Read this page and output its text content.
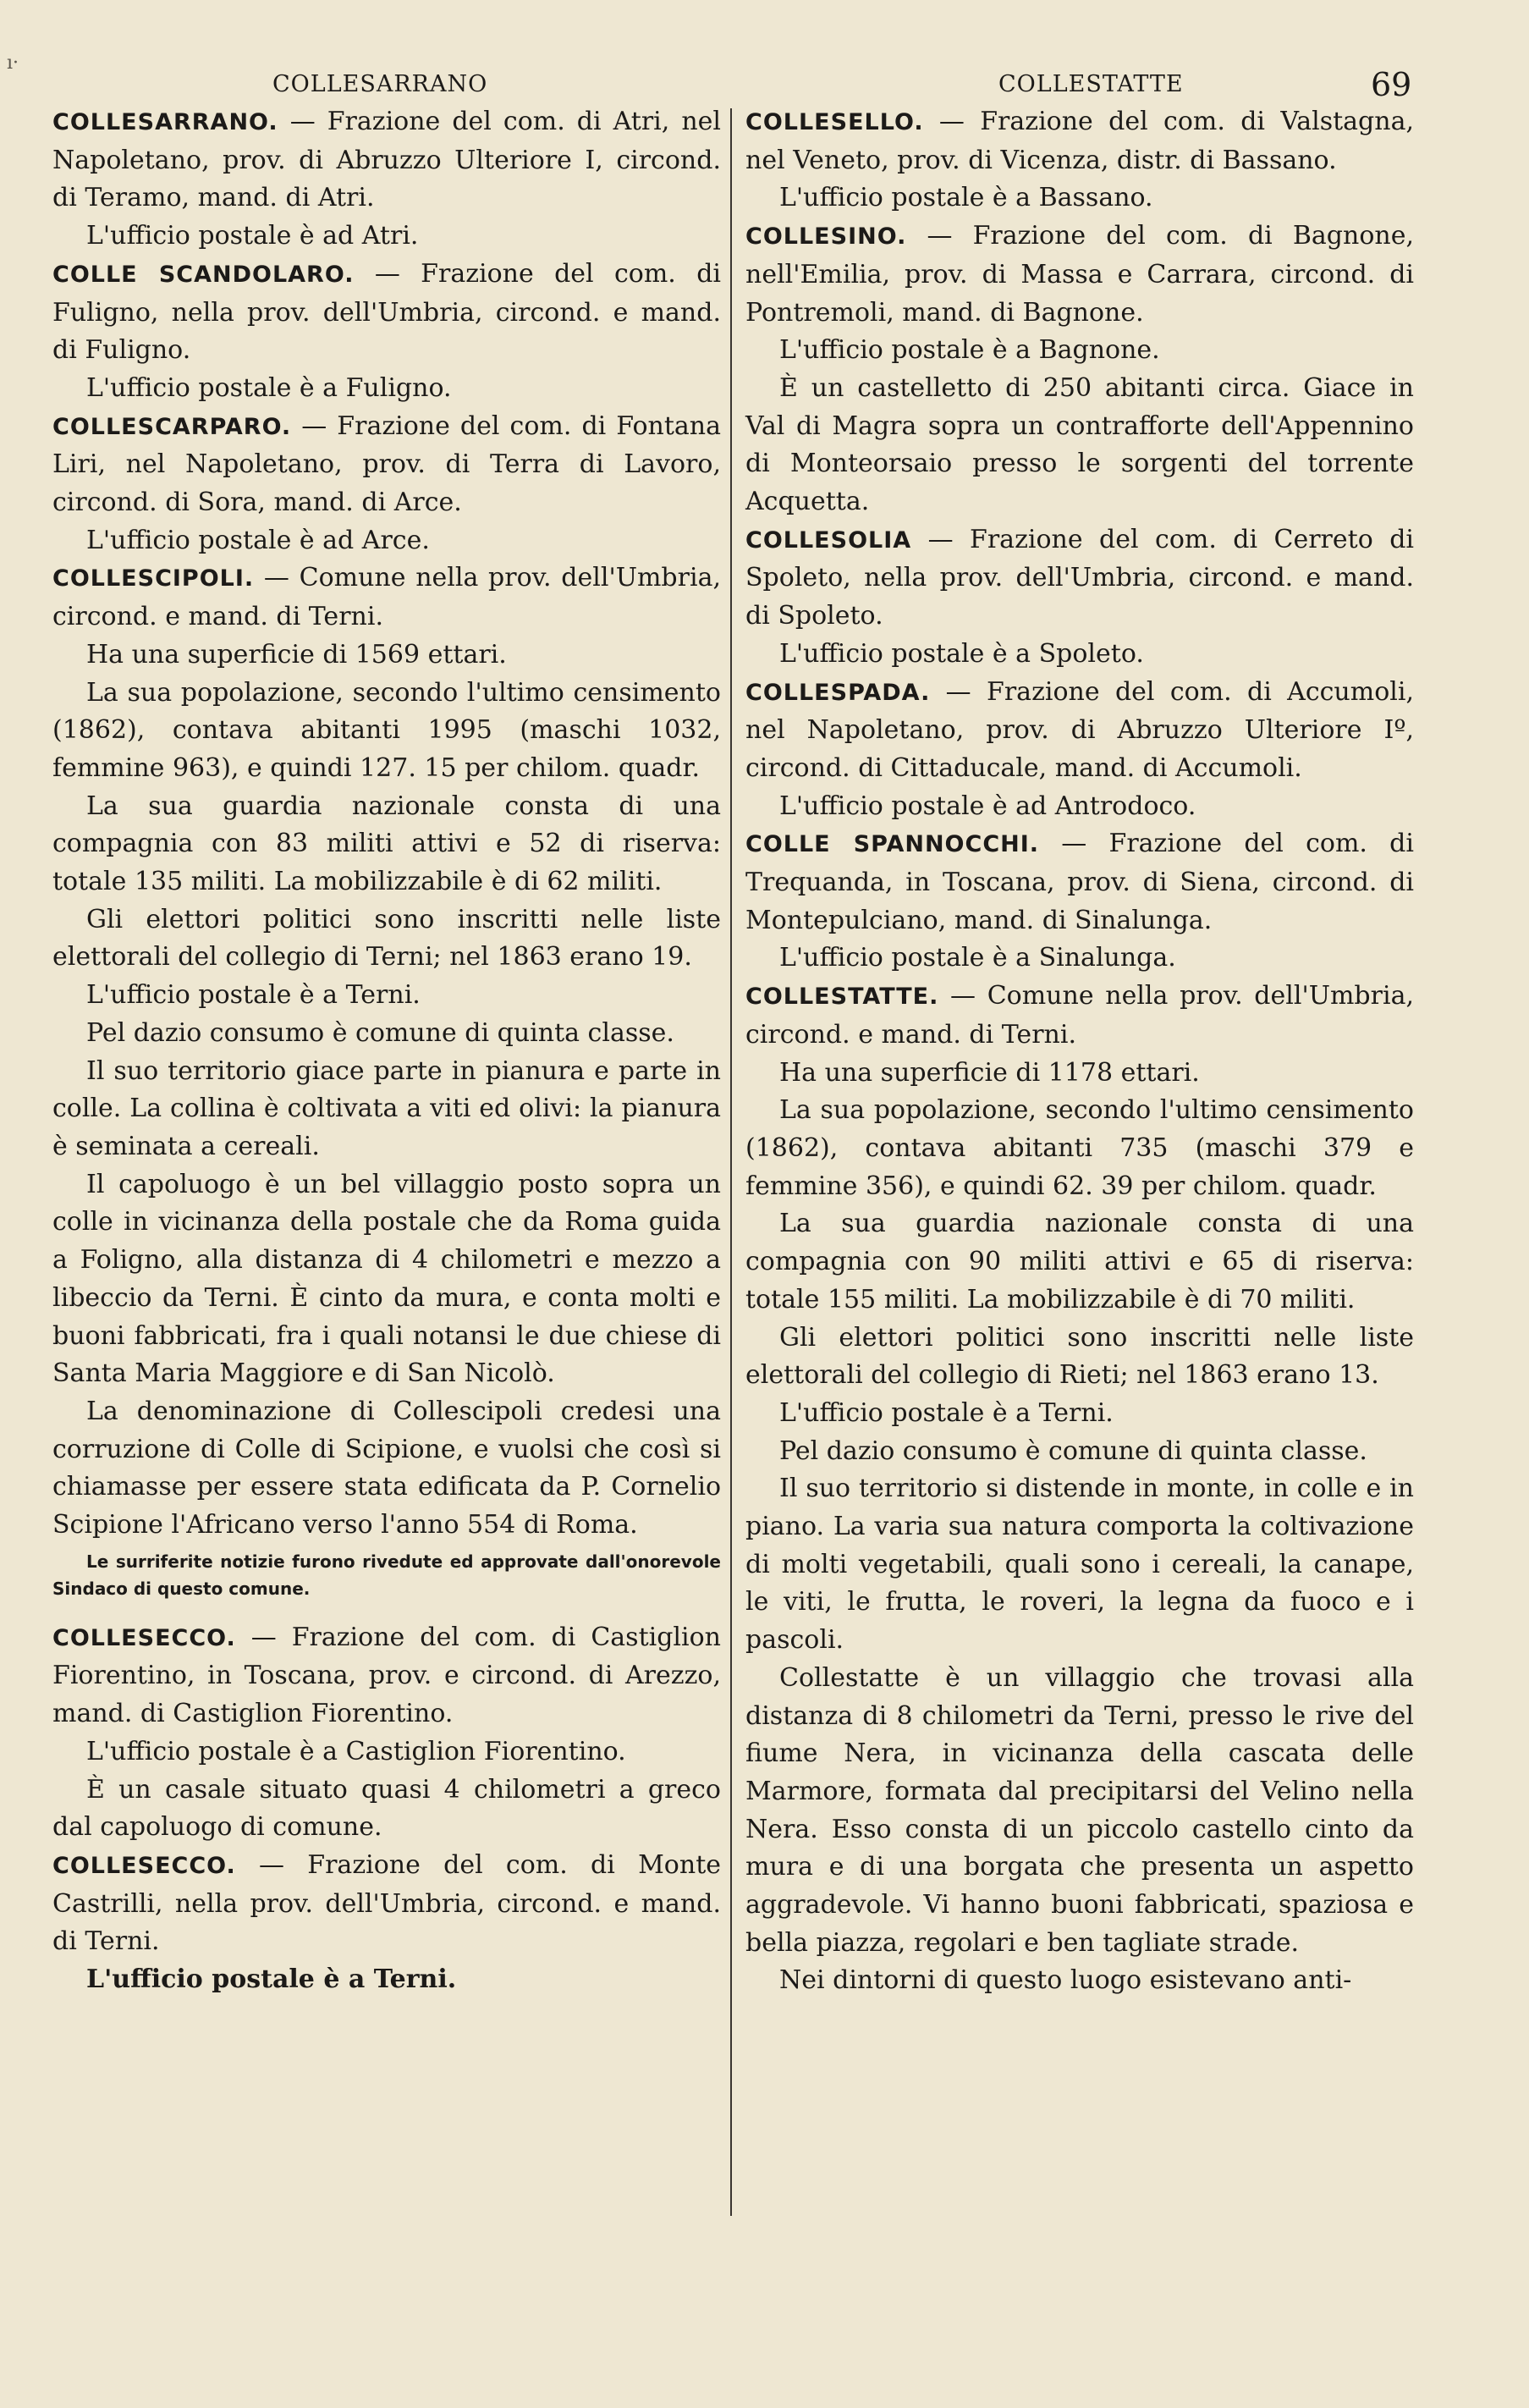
COLLESARRANO	COLLESTATTE	69

COLLESARRANO. — Frazione del com. di Atri, nel Napoletano, prov. di Abruzzo Ulteriore I, circond. di Teramo, mand. di Atri.

L'ufficio postale è ad Atri.

COLLE SCANDOLARO. — Frazione del com. di Fuligno, nella prov. dell'Umbria, circond. e mand. di Fuligno.

L'ufficio postale è a Fuligno.

COLLESCARPARO. — Frazione del com. di Fontana Liri, nel Napoletano, prov. di Terra di Lavoro, circond. di Sora, mand. di Arce.

L'ufficio postale è ad Arce.

COLLESCIPOLI. — Comune nella prov. dell'Umbria, circond. e mand. di Terni.

Ha una superficie di 1569 ettari.

La sua popolazione, secondo l'ultimo censimento (1862), contava abitanti 1995 (maschi 1032, femmine 963), e quindi 127. 15 per chilom. quadr.

La sua guardia nazionale consta di una compagnia con 83 militi attivi e 52 di riserva: totale 135 militi. La mobilizzabile è di 62 militi.

Gli elettori politici sono inscritti nelle liste elettorali del collegio di Terni; nel 1863 erano 19.

L'ufficio postale è a Terni.

Pel dazio consumo è comune di quinta classe.

Il suo territorio giace parte in pianura e parte in colle. La collina è coltivata a viti ed olivi: la pianura è seminata a cereali.

Il capoluogo è un bel villaggio posto sopra un colle in vicinanza della postale che da Roma guida a Foligno, alla distanza di 4 chilometri e mezzo a libeccio da Terni. È cinto da mura, e conta molti e buoni fabbricati, fra i quali notansi le due chiese di Santa Maria Maggiore e di San Nicolò.

La denominazione di Collescipoli credesi una corruzione di Colle di Scipione, e vuolsi che così si chiamasse per essere stata edificata da P. Cornelio Scipione l'Africano verso l'anno 554 di Roma.

Le surriferite notizie furono rivedute ed approvate dall'onorevole Sindaco di questo comune.

COLLESECCO. — Frazione del com. di Castiglion Fiorentino, in Toscana, prov. e circond. di Arezzo, mand. di Castiglion Fiorentino.

L'ufficio postale è a Castiglion Fiorentino.

È un casale situato quasi 4 chilometri a greco dal capoluogo di comune.

COLLESECCO. — Frazione del com. di Monte Castrilli, nella prov. dell'Umbria, circond. e mand. di Terni.

L'ufficio postale è a Terni.

COLLESELLO. — Frazione del com. di Valstagna, nel Veneto, prov. di Vicenza, distr. di Bassano.

L'ufficio postale è a Bassano.

COLLESINO. — Frazione del com. di Bagnone, nell'Emilia, prov. di Massa e Carrara, circond. di Pontremoli, mand. di Bagnone.

L'ufficio postale è a Bagnone.

È un castelletto di 250 abitanti circa. Giace in Val di Magra sopra un contrafforte dell'Appennino di Monteorsaio presso le sorgenti del torrente Acquetta.

COLLESOLIA — Frazione del com. di Cerreto di Spoleto, nella prov. dell'Umbria, circond. e mand. di Spoleto.

L'ufficio postale è a Spoleto.

COLLESPADA. — Frazione del com. di Accumoli, nel Napoletano, prov. di Abruzzo Ulteriore Iº, circond. di Cittaducale, mand. di Accumoli.

L'ufficio postale è ad Antrodoco.

COLLE SPANNOCCHI. — Frazione del com. di Trequanda, in Toscana, prov. di Siena, circond. di Montepulciano, mand. di Sinalunga.

L'ufficio postale è a Sinalunga.

COLLESTATTE. — Comune nella prov. dell'Umbria, circond. e mand. di Terni.

Ha una superficie di 1178 ettari.

La sua popolazione, secondo l'ultimo censimento (1862), contava abitanti 735 (maschi 379 e femmine 356), e quindi 62. 39 per chilom. quadr.

La sua guardia nazionale consta di una compagnia con 90 militi attivi e 65 di riserva: totale 155 militi. La mobilizzabile è di 70 militi.

Gli elettori politici sono inscritti nelle liste elettorali del collegio di Rieti; nel 1863 erano 13.

L'ufficio postale è a Terni.

Pel dazio consumo è comune di quinta classe.

Il suo territorio si distende in monte, in colle e in piano. La varia sua natura comporta la coltivazione di molti vegetabili, quali sono i cereali, la canape, le viti, le frutta, le roveri, la legna da fuoco e i pascoli.

Collestatte è un villaggio che trovasi alla distanza di 8 chilometri da Terni, presso le rive del fiume Nera, in vicinanza della cascata delle Marmore, formata dal precipitarsi del Velino nella Nera. Esso consta di un piccolo castello cinto da mura e di una borgata che presenta un aspetto aggradevole. Vi hanno buoni fabbricati, spaziosa e bella piazza, regolari e ben tagliate strade.

Nei dintorni di questo luogo esistevano anti-

ı·
